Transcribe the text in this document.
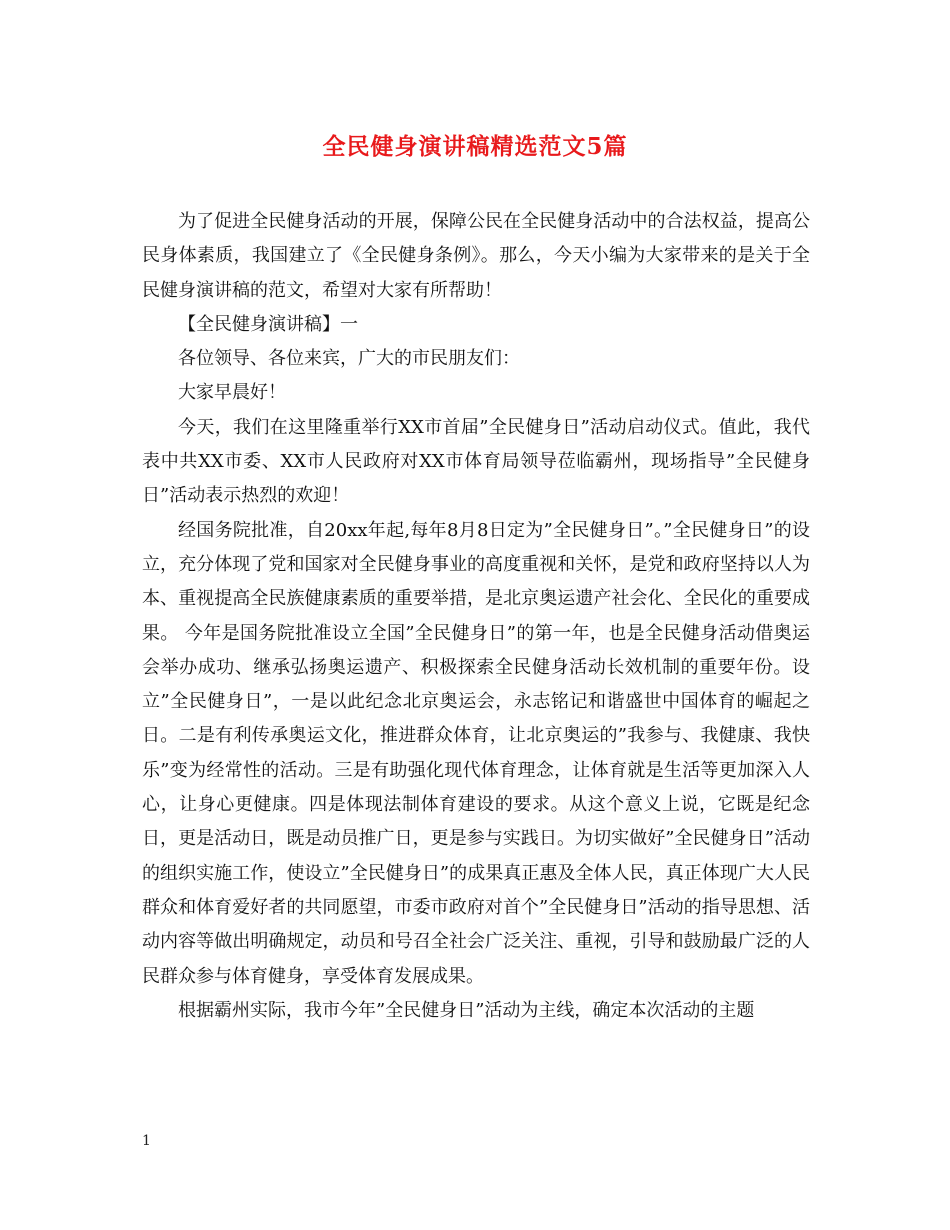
全民健身演讲稿精选范文5篇

为了促进全民健身活动的开展，保障公民在全民健身活动中的合法权益，提高公民身体素质，我国建立了《全民健身条例》。那么，今天小编为大家带来的是关于全民健身演讲稿的范文，希望对大家有所帮助！

【全民健身演讲稿】一

各位领导、各位来宾，广大的市民朋友们：

大家早晨好！

今天，我们在这里隆重举行XX市首届”全民健身日”活动启动仪式。值此，我代表中共XX市委、XX市人民政府对XX市体育局领导莅临霸州，现场指导”全民健身日”活动表示热烈的欢迎！

经国务院批准，自20xx年起,每年8月8日定为”全民健身日”。”全民健身日”的设立，充分体现了党和国家对全民健身事业的高度重视和关怀，是党和政府坚持以人为本、重视提高全民族健康素质的重要举措，是北京奥运遗产社会化、全民化的重要成果。 今年是国务院批准设立全国”全民健身日”的第一年，也是全民健身活动借奥运会举办成功、继承弘扬奥运遗产、积极探索全民健身活动长效机制的重要年份。设立”全民健身日”，一是以此纪念北京奥运会，永志铭记和谐盛世中国体育的崛起之日。二是有利传承奥运文化，推进群众体育，让北京奥运的”我参与、我健康、我快乐”变为经常性的活动。三是有助强化现代体育理念，让体育就是生活等更加深入人心，让身心更健康。四是体现法制体育建设的要求。从这个意义上说，它既是纪念日，更是活动日，既是动员推广日，更是参与实践日。为切实做好”全民健身日”活动的组织实施工作，使设立”全民健身日”的成果真正惠及全体人民，真正体现广大人民群众和体育爱好者的共同愿望，市委市政府对首个”全民健身日”活动的指导思想、活动内容等做出明确规定，动员和号召全社会广泛关注、重视，引导和鼓励最广泛的人民群众参与体育健身，享受体育发展成果。

根据霸州实际，我市今年”全民健身日”活动为主线，确定本次活动的主题

1
